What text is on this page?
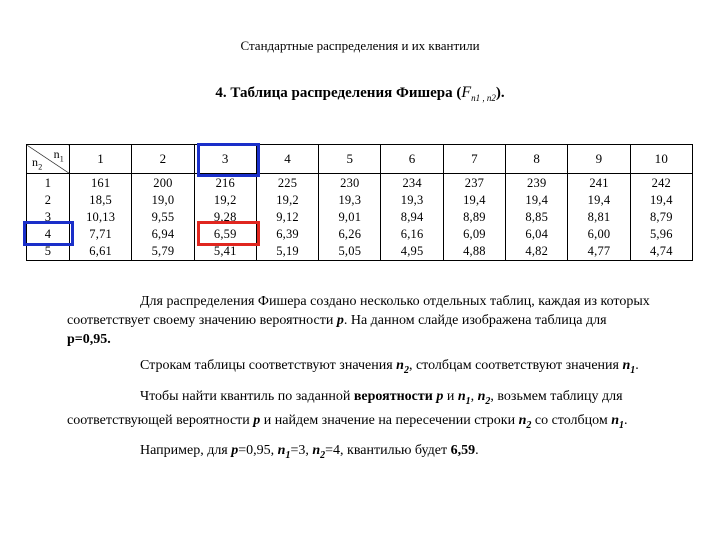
Стандартные распределения и их квантили
4. Таблица распределения Фишера $(F_{n1 , n2})$.
$n_1$
$n_2$	1	2	3	4	5	6	7	8	9	10
1	161	200	216	225	230	234	237	239	241	242
2	18,5	19,0	19,2	19,2	19,3	19,3	19,4	19,4	19,4	19,4
3	10,13	9,55	9,28	9,12	9,01	8,94	8,89	8,85	8,81	8,79
4	7,71	6,94	6,59	6,39	6,26	6,16	6,09	6,04	6,00	5,96
5	6,61	5,79	5,41	5,19	5,05	4,95	4,88	4,82	4,77	4,74

Для распределения Фишера создано несколько отдельных таблиц, каждая из которых соответствует своему значению вероятности p. На данном слайде изображена таблица для p=0,95.

Строкам таблицы соответствуют значения $n_2$, столбцам соответствуют значения $n_1$.

Чтобы найти квантиль по заданной вероятности p и $n_1$, $n_2$, возьмем таблицу для соответствующей вероятности p и найдем значение на пересечении строки $n_2$ со столбцом $n_1$.

Например, для p=0,95, $n_1=3$, $n_2=4$, квантилью будет 6,59.
